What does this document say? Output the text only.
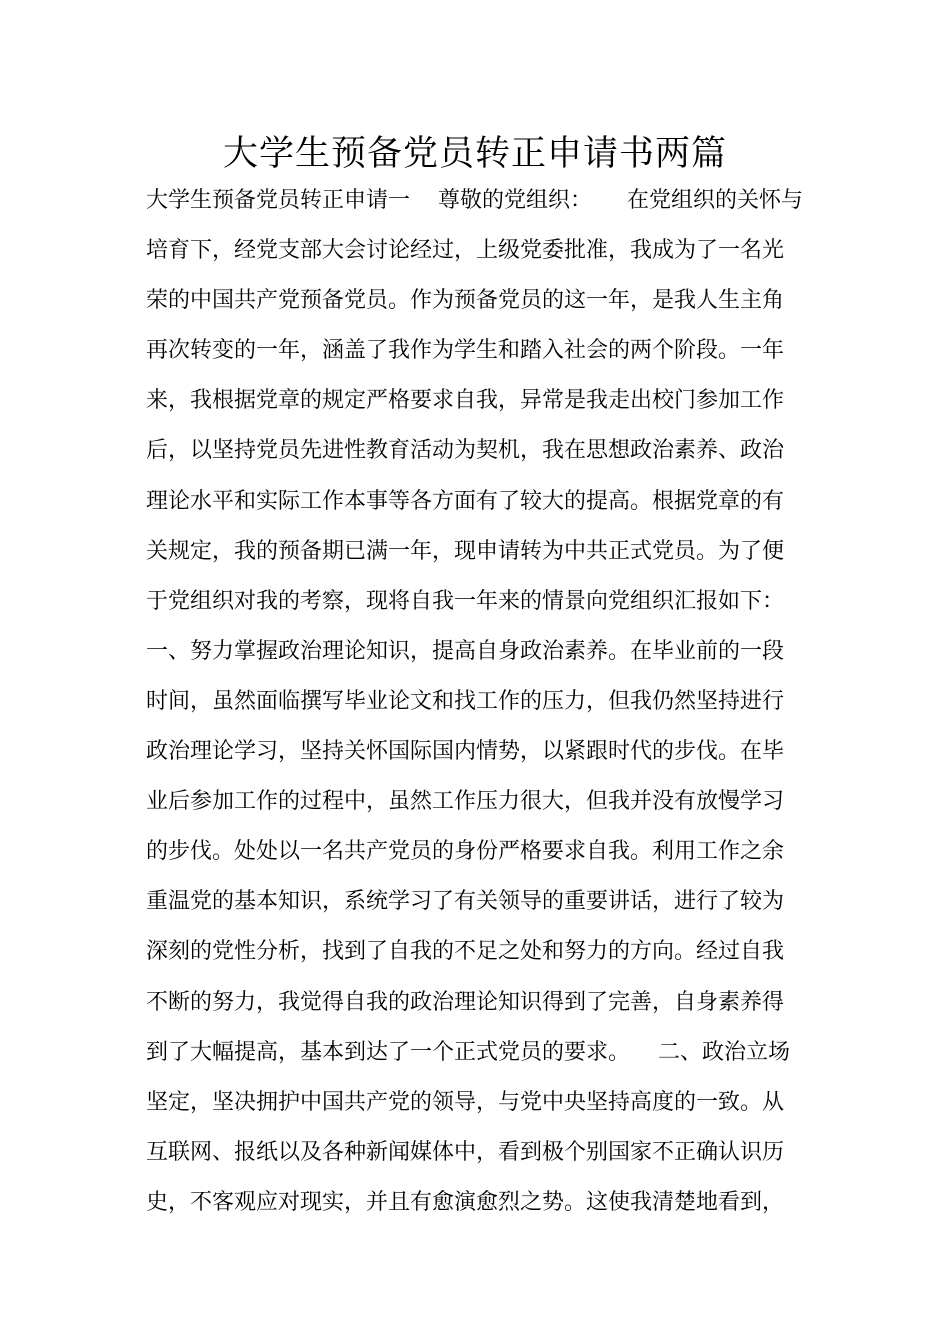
大学生预备党员转正申请书两篇
大学生预备党员转正申请一    尊敬的党组织：     在党组织的关怀与
培育下，经党支部大会讨论经过，上级党委批准，我成为了一名光
荣的中国共产党预备党员。作为预备党员的这一年，是我人生主角
再次转变的一年，涵盖了我作为学生和踏入社会的两个阶段。一年
来，我根据党章的规定严格要求自我，异常是我走出校门参加工作
后，以坚持党员先进性教育活动为契机，我在思想政治素养、政治
理论水平和实际工作本事等各方面有了较大的提高。根据党章的有
关规定，我的预备期已满一年，现申请转为中共正式党员。为了便
于党组织对我的考察，现将自我一年来的情景向党组织汇报如下：
一、努力掌握政治理论知识，提高自身政治素养。在毕业前的一段
时间，虽然面临撰写毕业论文和找工作的压力，但我仍然坚持进行
政治理论学习，坚持关怀国际国内情势，以紧跟时代的步伐。在毕
业后参加工作的过程中，虽然工作压力很大，但我并没有放慢学习
的步伐。处处以一名共产党员的身份严格要求自我。利用工作之余
重温党的基本知识，系统学习了有关领导的重要讲话，进行了较为
深刻的党性分析，找到了自我的不足之处和努力的方向。经过自我
不断的努力，我觉得自我的政治理论知识得到了完善，自身素养得
到了大幅提高，基本到达了一个正式党员的要求。    二、政治立场
坚定，坚决拥护中国共产党的领导，与党中央坚持高度的一致。从
互联网、报纸以及各种新闻媒体中，看到极个别国家不正确认识历
史，不客观应对现实，并且有愈演愈烈之势。这使我清楚地看到，
